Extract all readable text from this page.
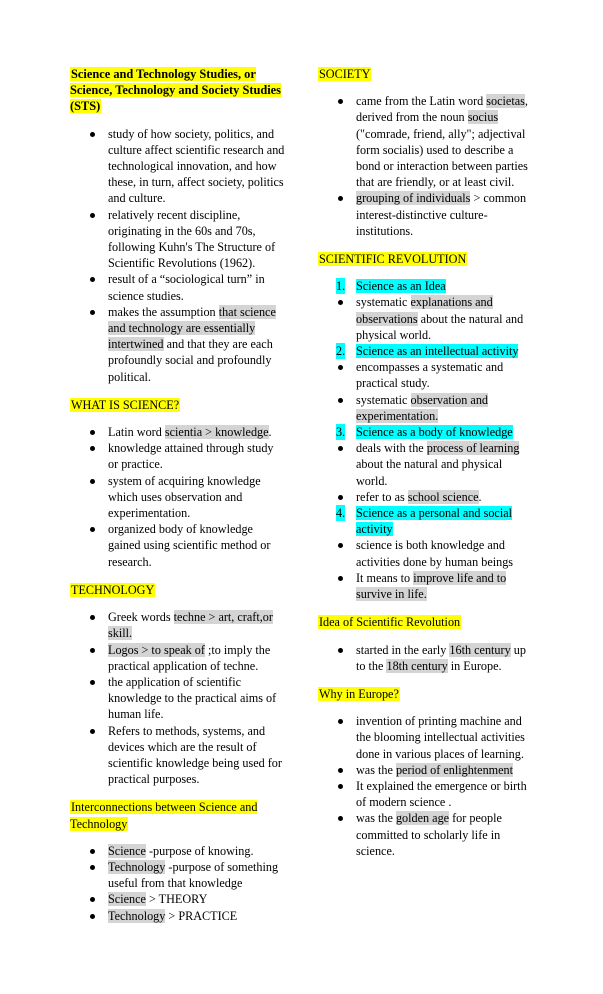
Science and Technology Studies, or Science, Technology and Society Studies (STS)
study of how society, politics, and culture affect scientific research and technological innovation, and how these, in turn, affect society, politics and culture.
relatively recent discipline, originating in the 60s and 70s, following Kuhn's The Structure of Scientific Revolutions (1962).
result of a “sociological turn” in science studies.
makes the assumption that science and technology are essentially intertwined and that they are each profoundly social and profoundly political.
WHAT IS SCIENCE?
Latin word scientia > knowledge.
knowledge attained through study or practice.
system of acquiring knowledge which uses observation and experimentation.
organized body of knowledge gained using scientific method or research.
TECHNOLOGY
Greek words techne > art, craft,or skill.
Logos > to speak of ;to imply the practical application of techne.
the application of scientific knowledge to the practical aims of human life.
Refers to methods, systems, and devices which are the result of scientific knowledge being used for practical purposes.
Interconnections between Science and Technology
Science -purpose of knowing.
Technology -purpose of something useful from that knowledge
Science > THEORY
Technology > PRACTICE
SOCIETY
came from the Latin word societas, derived from the noun socius ("comrade, friend, ally"; adjectival form socialis) used to describe a bond or interaction between parties that are friendly, or at least civil.
grouping of individuals > common interest-distinctive culture-institutions.
SCIENTIFIC REVOLUTION
1. Science as an Idea
systematic explanations and observations about the natural and physical world.
2. Science as an intellectual activity
encompasses a systematic and practical study.
systematic observation and experimentation.
3. Science as a body of knowledge
deals with the process of learning about the natural and physical world.
refer to as school science.
4. Science as a personal and social activity
science is both knowledge and activities done by human beings
It means to improve life and to survive in life.
Idea of Scientific Revolution
started in the early 16th century up to the 18th century in Europe.
Why in Europe?
invention of printing machine and the blooming intellectual activities done in various places of learning.
was the period of enlightenment
It explained the emergence or birth of modern science .
was the golden age for people committed to scholarly life in science.
